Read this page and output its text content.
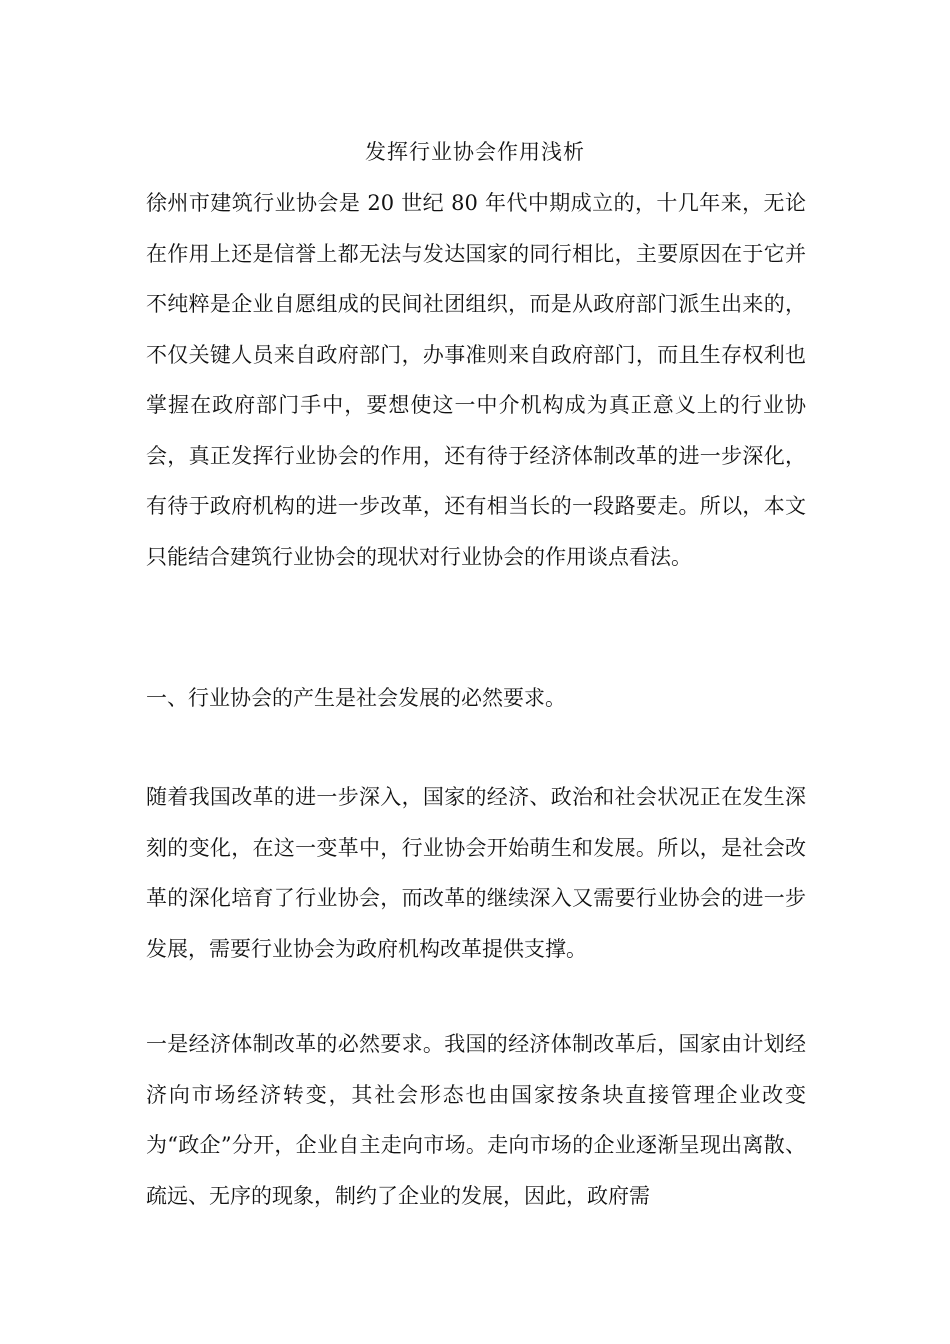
发挥行业协会作用浅析

徐州市建筑行业协会是 20 世纪 80 年代中期成立的，十几年来，无论在作用上还是信誉上都无法与发达国家的同行相比，主要原因在于它并不纯粹是企业自愿组成的民间社团组织，而是从政府部门派生出来的，不仅关键人员来自政府部门，办事准则来自政府部门，而且生存权利也掌握在政府部门手中，要想使这一中介机构成为真正意义上的行业协会，真正发挥行业协会的作用，还有待于经济体制改革的进一步深化，有待于政府机构的进一步改革，还有相当长的一段路要走。所以，本文只能结合建筑行业协会的现状对行业协会的作用谈点看法。

一、行业协会的产生是社会发展的必然要求。

随着我国改革的进一步深入，国家的经济、政治和社会状况正在发生深刻的变化，在这一变革中，行业协会开始萌生和发展。所以，是社会改革的深化培育了行业协会，而改革的继续深入又需要行业协会的进一步发展，需要行业协会为政府机构改革提供支撑。

一是经济体制改革的必然要求。我国的经济体制改革后，国家由计划经济向市场经济转变，其社会形态也由国家按条块直接管理企业改变为“政企”分开，企业自主走向市场。走向市场的企业逐渐呈现出离散、疏远、无序的现象，制约了企业的发展，因此，政府需
